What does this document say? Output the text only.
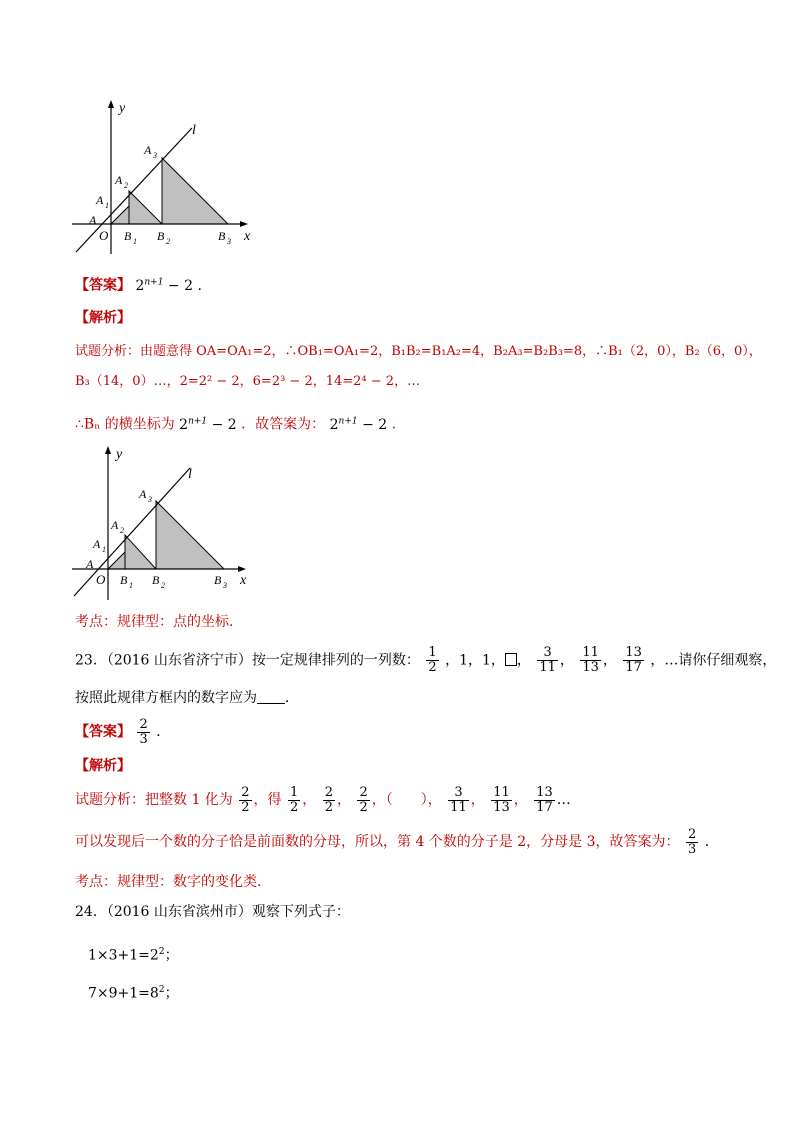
y
x
l
O
A
A 1
A 2
A 3
B 1 B 2	B 3
【答案】 $2^{n+1} - 2$ .
【解析】
试题分析：由题意得 OA=OA₁=2，∴OB₁=OA₁=2，B₁B₂=B₁A₂=4，B₂A₃=B₂B₃=8，∴B₁（2，0），B₂（6，0），
B₃（14，0）…，2=2² − 2，6=2³ − 2，14=2⁴ − 2，…
∴Bₙ 的横坐标为 $2^{n+1} - 2$ ．故答案为： $2^{n+1} - 2$ ．
y
x
l
O
A
A 1
A 2
A 3
B 1 B 2	B 3
考点：规律型：点的坐标．
23．（2016 山东省济宁市）按一定规律排列的一列数： $\frac{1}{2}$ ，1，1， ， $\frac{3}{11}$ ， $\frac{11}{13}$ ， $\frac{13}{17}$ ，…请你仔细观察，
按照此规律方框内的数字应为 ．
【答案】 $\frac{2}{3}$ ．
【解析】
试题分析：把整数 1 化为 $\frac{2}{2}$ ，得 $\frac{1}{2}$ ， $\frac{2}{2}$ ， $\frac{2}{2}$ ，（　　）， $\frac{3}{11}$ ， $\frac{11}{13}$ ， $\frac{13}{17}$ …
可以发现后一个数的分子恰是前面数的分母，所以，第 4 个数的分子是 2，分母是 3，故答案为： $\frac{2}{3}$ ．
考点：规律型：数字的变化类．
24．（2016 山东省滨州市）观察下列式子：
$1\times 3+1=2^2$；
$7\times 9+1=8^2$；
